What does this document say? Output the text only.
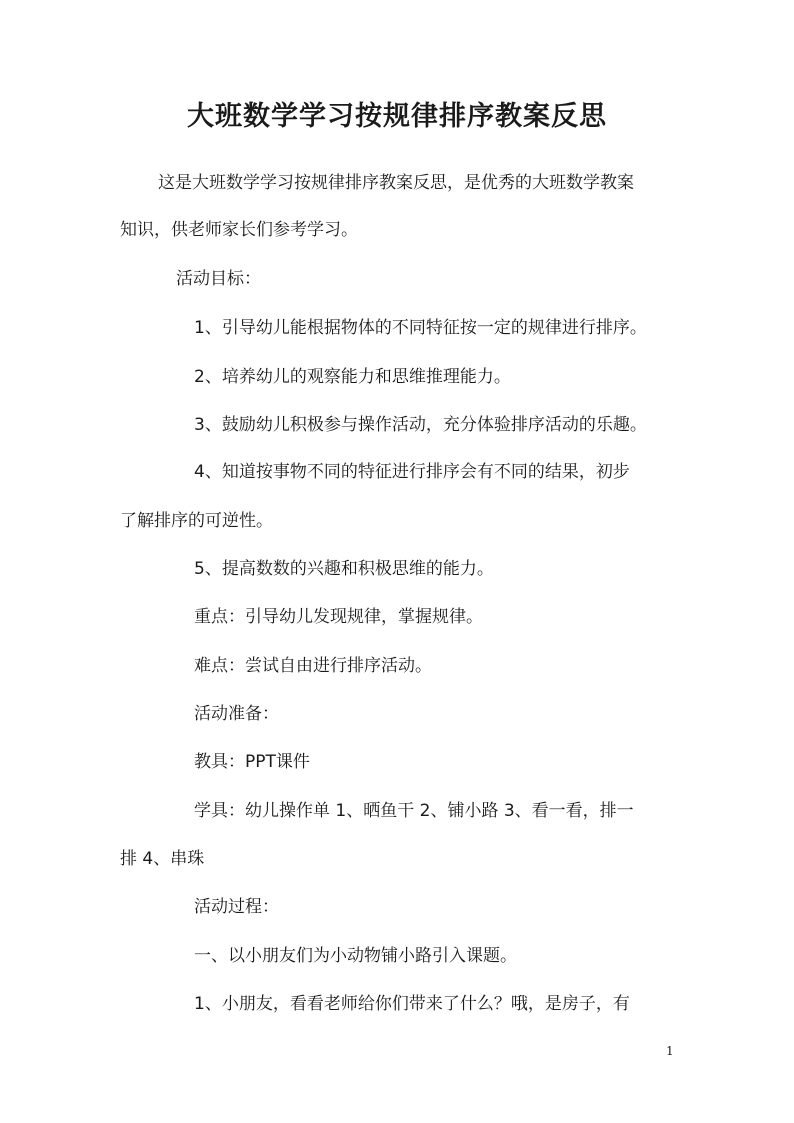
大班数学学习按规律排序教案反思
这是大班数学学习按规律排序教案反思，是优秀的大班数学教案
知识，供老师家长们参考学习。
活动目标：
1、引导幼儿能根据物体的不同特征按一定的规律进行排序。
2、培养幼儿的观察能力和思维推理能力。
3、鼓励幼儿积极参与操作活动，充分体验排序活动的乐趣。
4、知道按事物不同的特征进行排序会有不同的结果，初步
了解排序的可逆性。
5、提高数数的兴趣和积极思维的能力。
重点：引导幼儿发现规律，掌握规律。
难点：尝试自由进行排序活动。
活动准备：
教具：PPT课件
学具：幼儿操作单 1、晒鱼干 2、铺小路 3、看一看，排一
排 4、串珠
活动过程：
一、以小朋友们为小动物铺小路引入课题。
1、小朋友，看看老师给你们带来了什么？哦，是房子，有
1
